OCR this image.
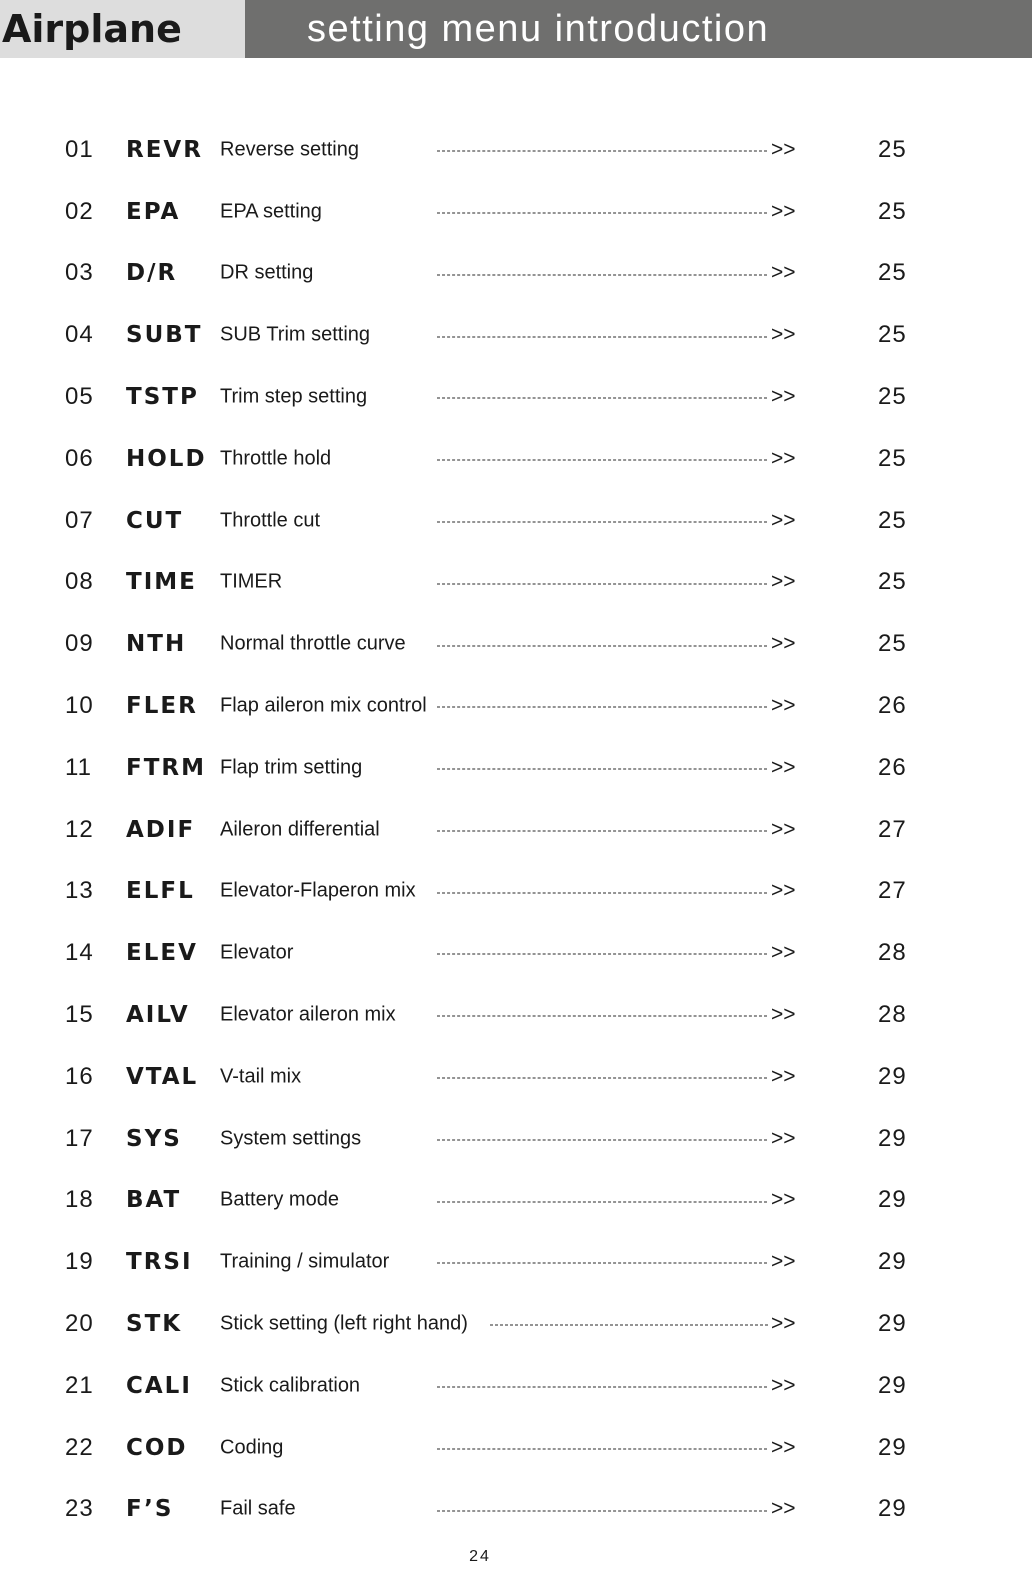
Airplane	setting menu introduction
01 REVR Reverse setting	>>	25
02 EPA EPA setting	>>	25
03 D/R DR setting	>>	25
04 SUBT SUB Trim setting	>>	25
05 TSTP Trim step setting	>>	25
06 HOLD Throttle hold	>>	25
07 CUT Throttle cut	>>	25
08 TIME TIMER	>>	25
09 NTH Normal throttle curve	>>	25
10 FLER Flap aileron mix control	>>	26
11 FTRM Flap trim setting	>>	26
12 ADIF Aileron differential	>>	27
13 ELFL Elevator-Flaperon mix	>>	27
14 ELEV Elevator	>>	28
15 AILV Elevator aileron mix	>>	28
16 VTAL V-tail mix	>>	29
17 SYS System settings	>>	29
18 BAT Battery mode	>>	29
19 TRSI Training / simulator	>>	29
20 STK Stick setting (left right hand)	>>	29
21 CALI Stick calibration	>>	29
22 COD Coding	>>	29
23 F’S Fail safe	>>	29
24
